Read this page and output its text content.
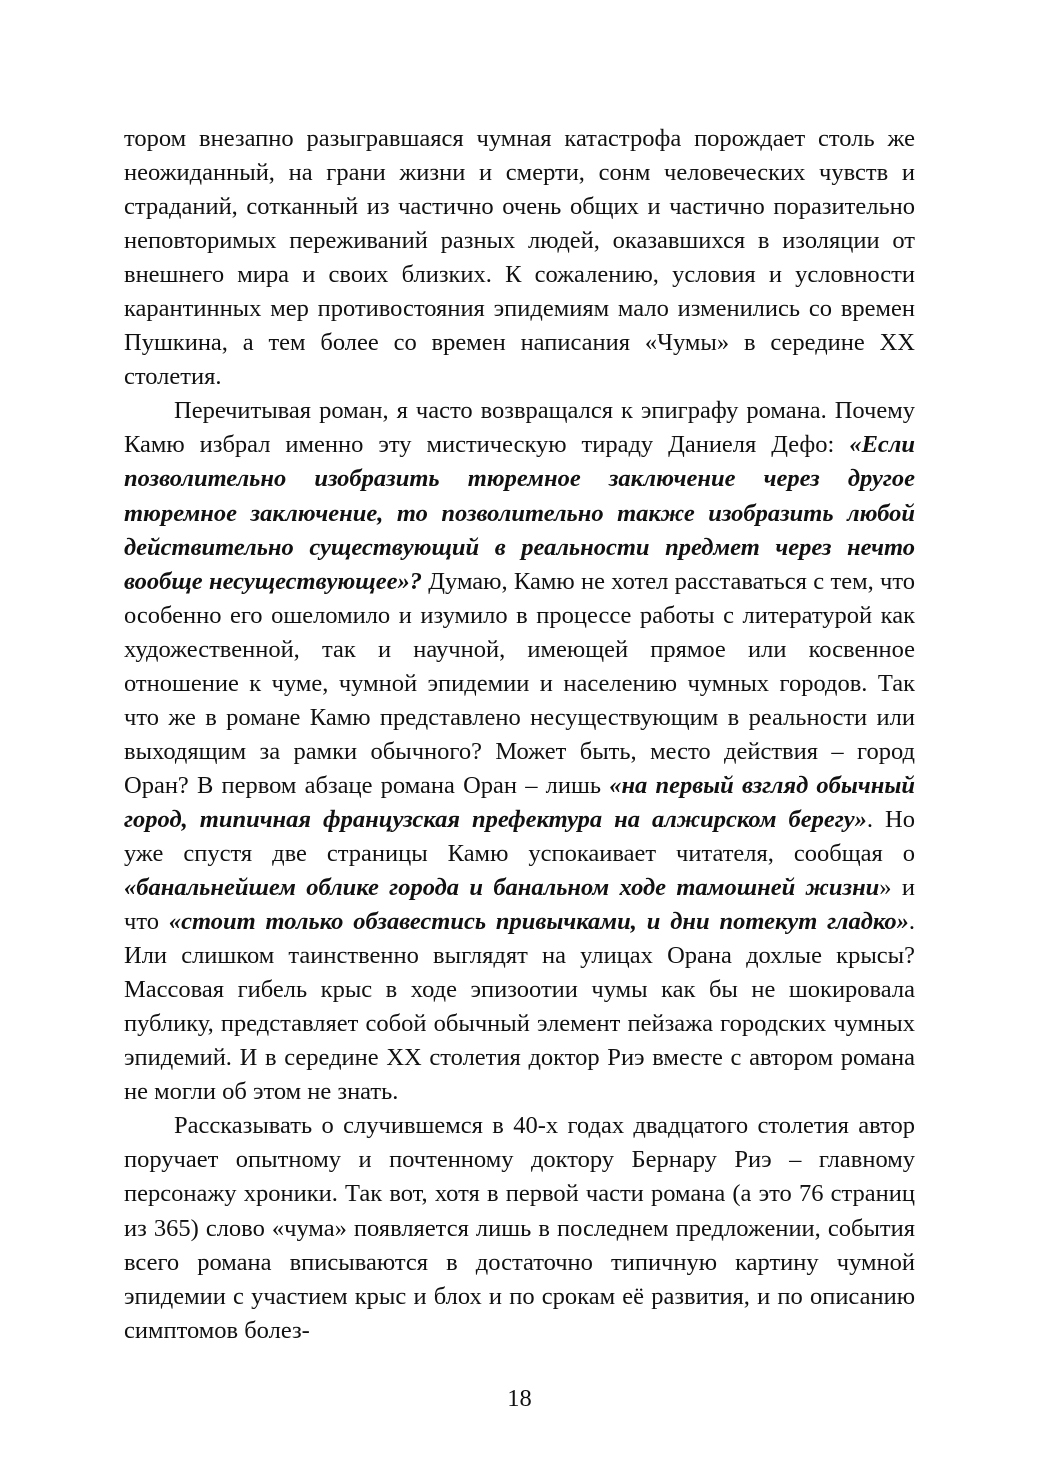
тором внезапно разыгравшаяся чумная катастрофа порождает столь же неожиданный, на грани жизни и смерти, сонм человеческих чувств и страданий, сотканный из частично очень общих и частично поразительно неповторимых переживаний разных людей, оказавшихся в изоляции от внешнего мира и своих близких. К сожалению, условия и условности карантинных мер противостояния эпидемиям мало изменились со времен Пушкина, а тем более со времен написания «Чумы» в середине XX столетия.

Перечитывая роман, я часто возвращался к эпиграфу романа. Почему Камю избрал именно эту мистическую тираду Даниеля Дефо: «Если позволительно изобразить тюремное заключение через другое тюремное заключение, то позволительно также изобразить любой действительно существующий в реальности предмет через нечто вообще несуществующее»? Думаю, Камю не хотел расставаться с тем, что особенно его ошеломило и изумило в процессе работы с литературой как художественной, так и научной, имеющей прямое или косвенное отношение к чуме, чумной эпидемии и населению чумных городов. Так что же в романе Камю представлено несуществующим в реальности или выходящим за рамки обычного? Может быть, место действия – город Оран? В первом абзаце романа Оран – лишь «на первый взгляд обычный город, типичная французская префектура на алжирском берегу». Но уже спустя две страницы Камю успокаивает читателя, сообщая о «банальнейшем облике города и банальном ходе тамошней жизни» и что «стоит только обзавестись привычками, и дни потекут гладко». Или слишком таинственно выглядят на улицах Орана дохлые крысы? Массовая гибель крыс в ходе эпизоотии чумы как бы не шокировала публику, представляет собой обычный элемент пейзажа городских чумных эпидемий. И в середине XX столетия доктор Риэ вместе с автором романа не могли об этом не знать.

Рассказывать о случившемся в 40-х годах двадцатого столетия автор поручает опытному и почтенному доктору Бернару Риэ – главному персонажу хроники. Так вот, хотя в первой части романа (а это 76 страниц из 365) слово «чума» появляется лишь в последнем предложении, события всего романа вписываются в достаточно типичную картину чумной эпидемии с участием крыс и блох и по срокам её развития, и по описанию симптомов болез-

18
